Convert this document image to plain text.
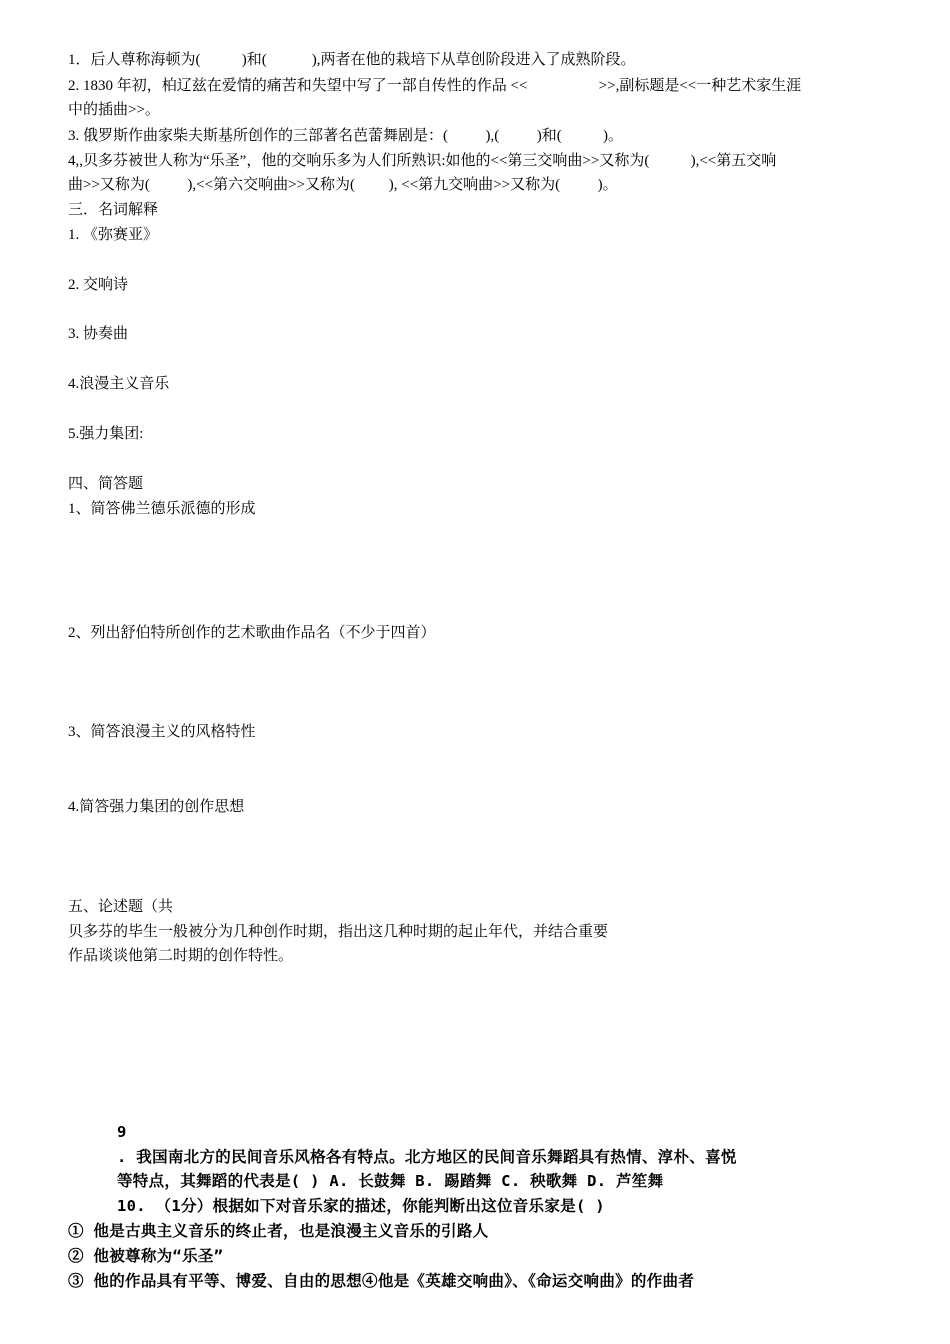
1．后人尊称海顿为(           )和(            ),两者在他的栽培下从草创阶段进入了成熟阶段。
2. 1830 年初，柏辽兹在爱情的痛苦和失望中写了一部自传性的作品 <<                   >>,副标题是<<一种艺术家生涯
中的插曲>>。
3. 俄罗斯作曲家柴夫斯基所创作的三部著名芭蕾舞剧是：(          ),(          )和(           )。
4,,贝多芬被世人称为“乐圣”，他的交响乐多为人们所熟识:如他的<<第三交响曲>>又称为(           ),<<第五交响
曲>>又称为(          ),<<第六交响曲>>又称为(         ), <<第九交响曲>>又称为(          )。
三．名词解释
1. 《弥赛亚》
2. 交响诗
3. 协奏曲
4.浪漫主义音乐
5.强力集团:
四、简答题
1、简答佛兰德乐派德的形成
2、列出舒伯特所创作的艺术歌曲作品名（不少于四首）
3、简答浪漫主义的风格特性
4.简答强力集团的创作思想
五、论述题（共
贝多芬的毕生一般被分为几种创作时期，指出这几种时期的起止年代，并结合重要
作品谈谈他第二时期的创作特性。
9
. 我国南北方的民间音乐风格各有特点。北方地区的民间音乐舞蹈具有热情、淳朴、喜悦
等特点，其舞蹈的代表是( ) A. 长鼓舞 B. 踢踏舞 C. 秧歌舞 D. 芦笙舞
10. （1分）根据如下对音乐家的描述，你能判断出这位音乐家是( )
① 他是古典主义音乐的终止者，也是浪漫主义音乐的引路人
② 他被尊称为“乐圣”
③ 他的作品具有平等、博爱、自由的思想④他是《英雄交响曲》、《命运交响曲》的作曲者
